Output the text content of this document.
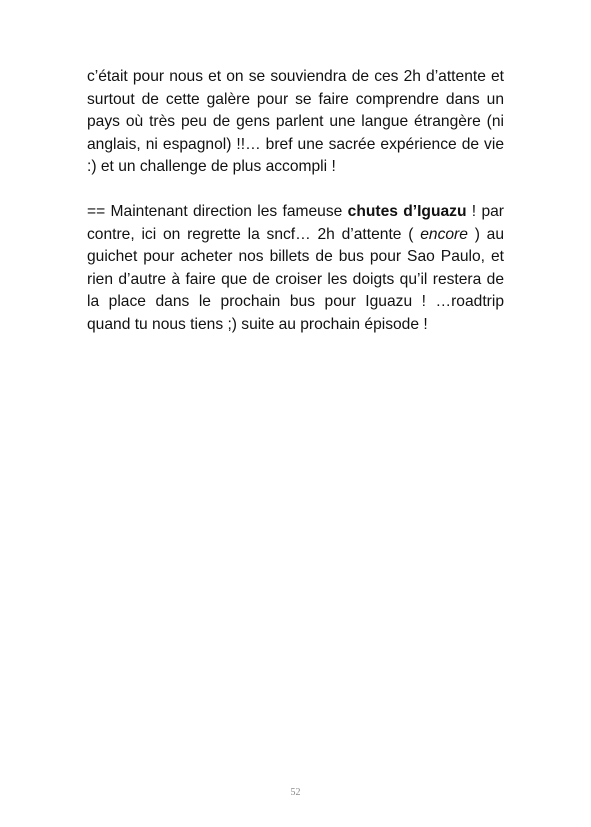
c’était pour nous et on se souviendra de ces 2h d’attente et surtout de cette galère pour se faire comprendre dans un pays où très peu de gens parlent une langue étrangère (ni anglais, ni espagnol) !!… bref une sacrée expérience de vie :) et un challenge de plus accompli !

== Maintenant direction les fameuse chutes d’Iguazu ! par contre, ici on regrette la sncf… 2h d’attente ( encore ) au guichet pour acheter nos billets de bus pour Sao Paulo, et rien d’autre à faire que de croiser les doigts qu’il restera de la place dans le prochain bus pour Iguazu ! …roadtrip quand tu nous tiens ;) suite au prochain épisode !

52
